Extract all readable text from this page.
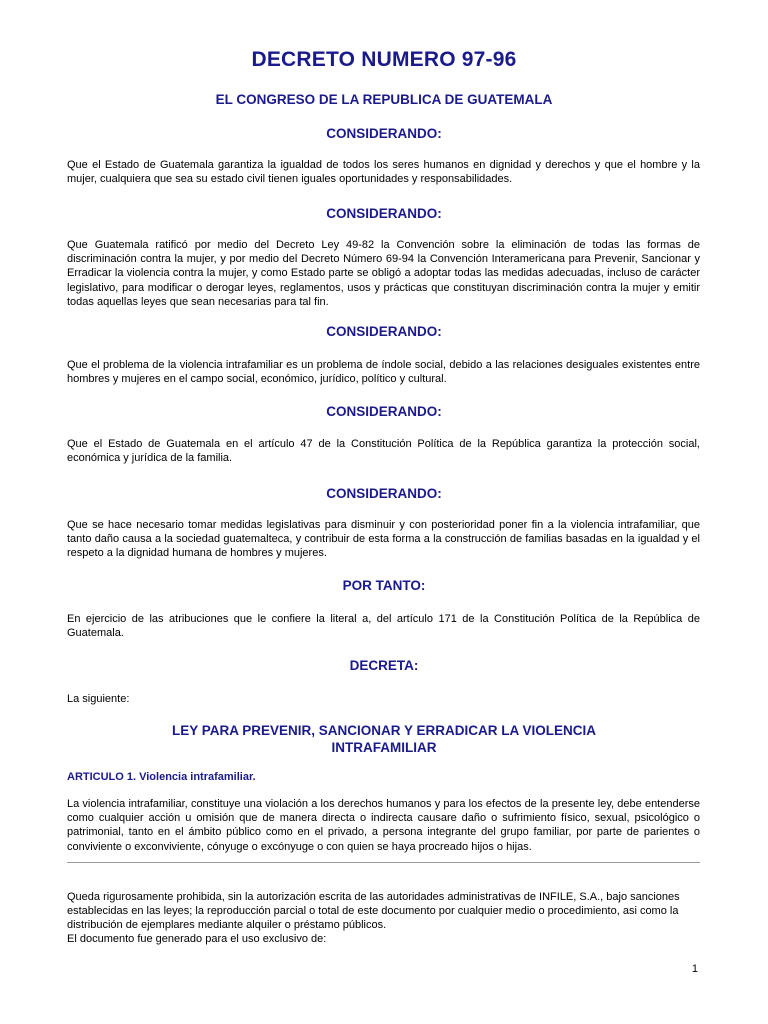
DECRETO NUMERO 97-96
EL CONGRESO DE LA REPUBLICA DE GUATEMALA
CONSIDERANDO:

Que el Estado de Guatemala garantiza la igualdad de todos los seres humanos en dignidad y derechos y que el hombre y la mujer, cualquiera que sea su estado civil tienen iguales oportunidades y responsabilidades.

CONSIDERANDO:

Que Guatemala ratificó por medio del Decreto Ley 49-82 la Convención sobre la eliminación de todas las formas de discriminación contra la mujer, y por medio del Decreto Número 69-94 la Convención Interamericana para Prevenir, Sancionar y Erradicar la violencia contra la mujer, y como Estado parte se obligó a adoptar todas las medidas adecuadas, incluso de carácter legislativo, para modificar o derogar leyes, reglamentos, usos y prácticas que constituyan discriminación contra la mujer y emitir todas aquellas leyes que sean necesarias para tal fin.

CONSIDERANDO:

Que el problema de la violencia intrafamiliar es un problema de índole social, debido a las relaciones desiguales existentes entre hombres y mujeres en el campo social, económico, jurídico, político y cultural.

CONSIDERANDO:

Que el Estado de Guatemala en el artículo 47 de la Constitución Política de la República garantiza la protección social, económica y jurídica de la familia.

CONSIDERANDO:

Que se hace necesario tomar medidas legislativas para disminuir y con posterioridad poner fin a la violencia intrafamiliar, que tanto daño causa a la sociedad guatemalteca, y contribuir de esta forma a la construcción de familias basadas en la igualdad y el respeto a la dignidad humana de hombres y mujeres.

POR TANTO:

En ejercicio de las atribuciones que le confiere la literal a, del artículo 171 de la Constitución Política de la República de Guatemala.

DECRETA:

La siguiente:

LEY PARA PREVENIR, SANCIONAR Y ERRADICAR LA VIOLENCIA
INTRAFAMILIAR
ARTICULO 1. Violencia intrafamiliar.

La violencia intrafamiliar, constituye una violación a los derechos humanos y para los efectos de la presente ley, debe entenderse como cualquier acción u omisión que de manera directa o indirecta causare daño o sufrimiento físico, sexual, psicológico o patrimonial, tanto en el ámbito público como en el privado, a persona integrante del grupo familiar, por parte de parientes o conviviente o exconviviente, cónyuge o excónyuge o con quien se haya procreado hijos o hijas.

Queda rigurosamente prohibida, sin la autorización escrita de las autoridades administrativas de INFILE, S.A., bajo sanciones establecidas en las leyes; la reproducción parcial o total de este documento por cualquier medio o procedimiento, asi como la distribución de ejemplares mediante alquiler o préstamo públicos.

El documento fue generado para el uso exclusivo de:

1
